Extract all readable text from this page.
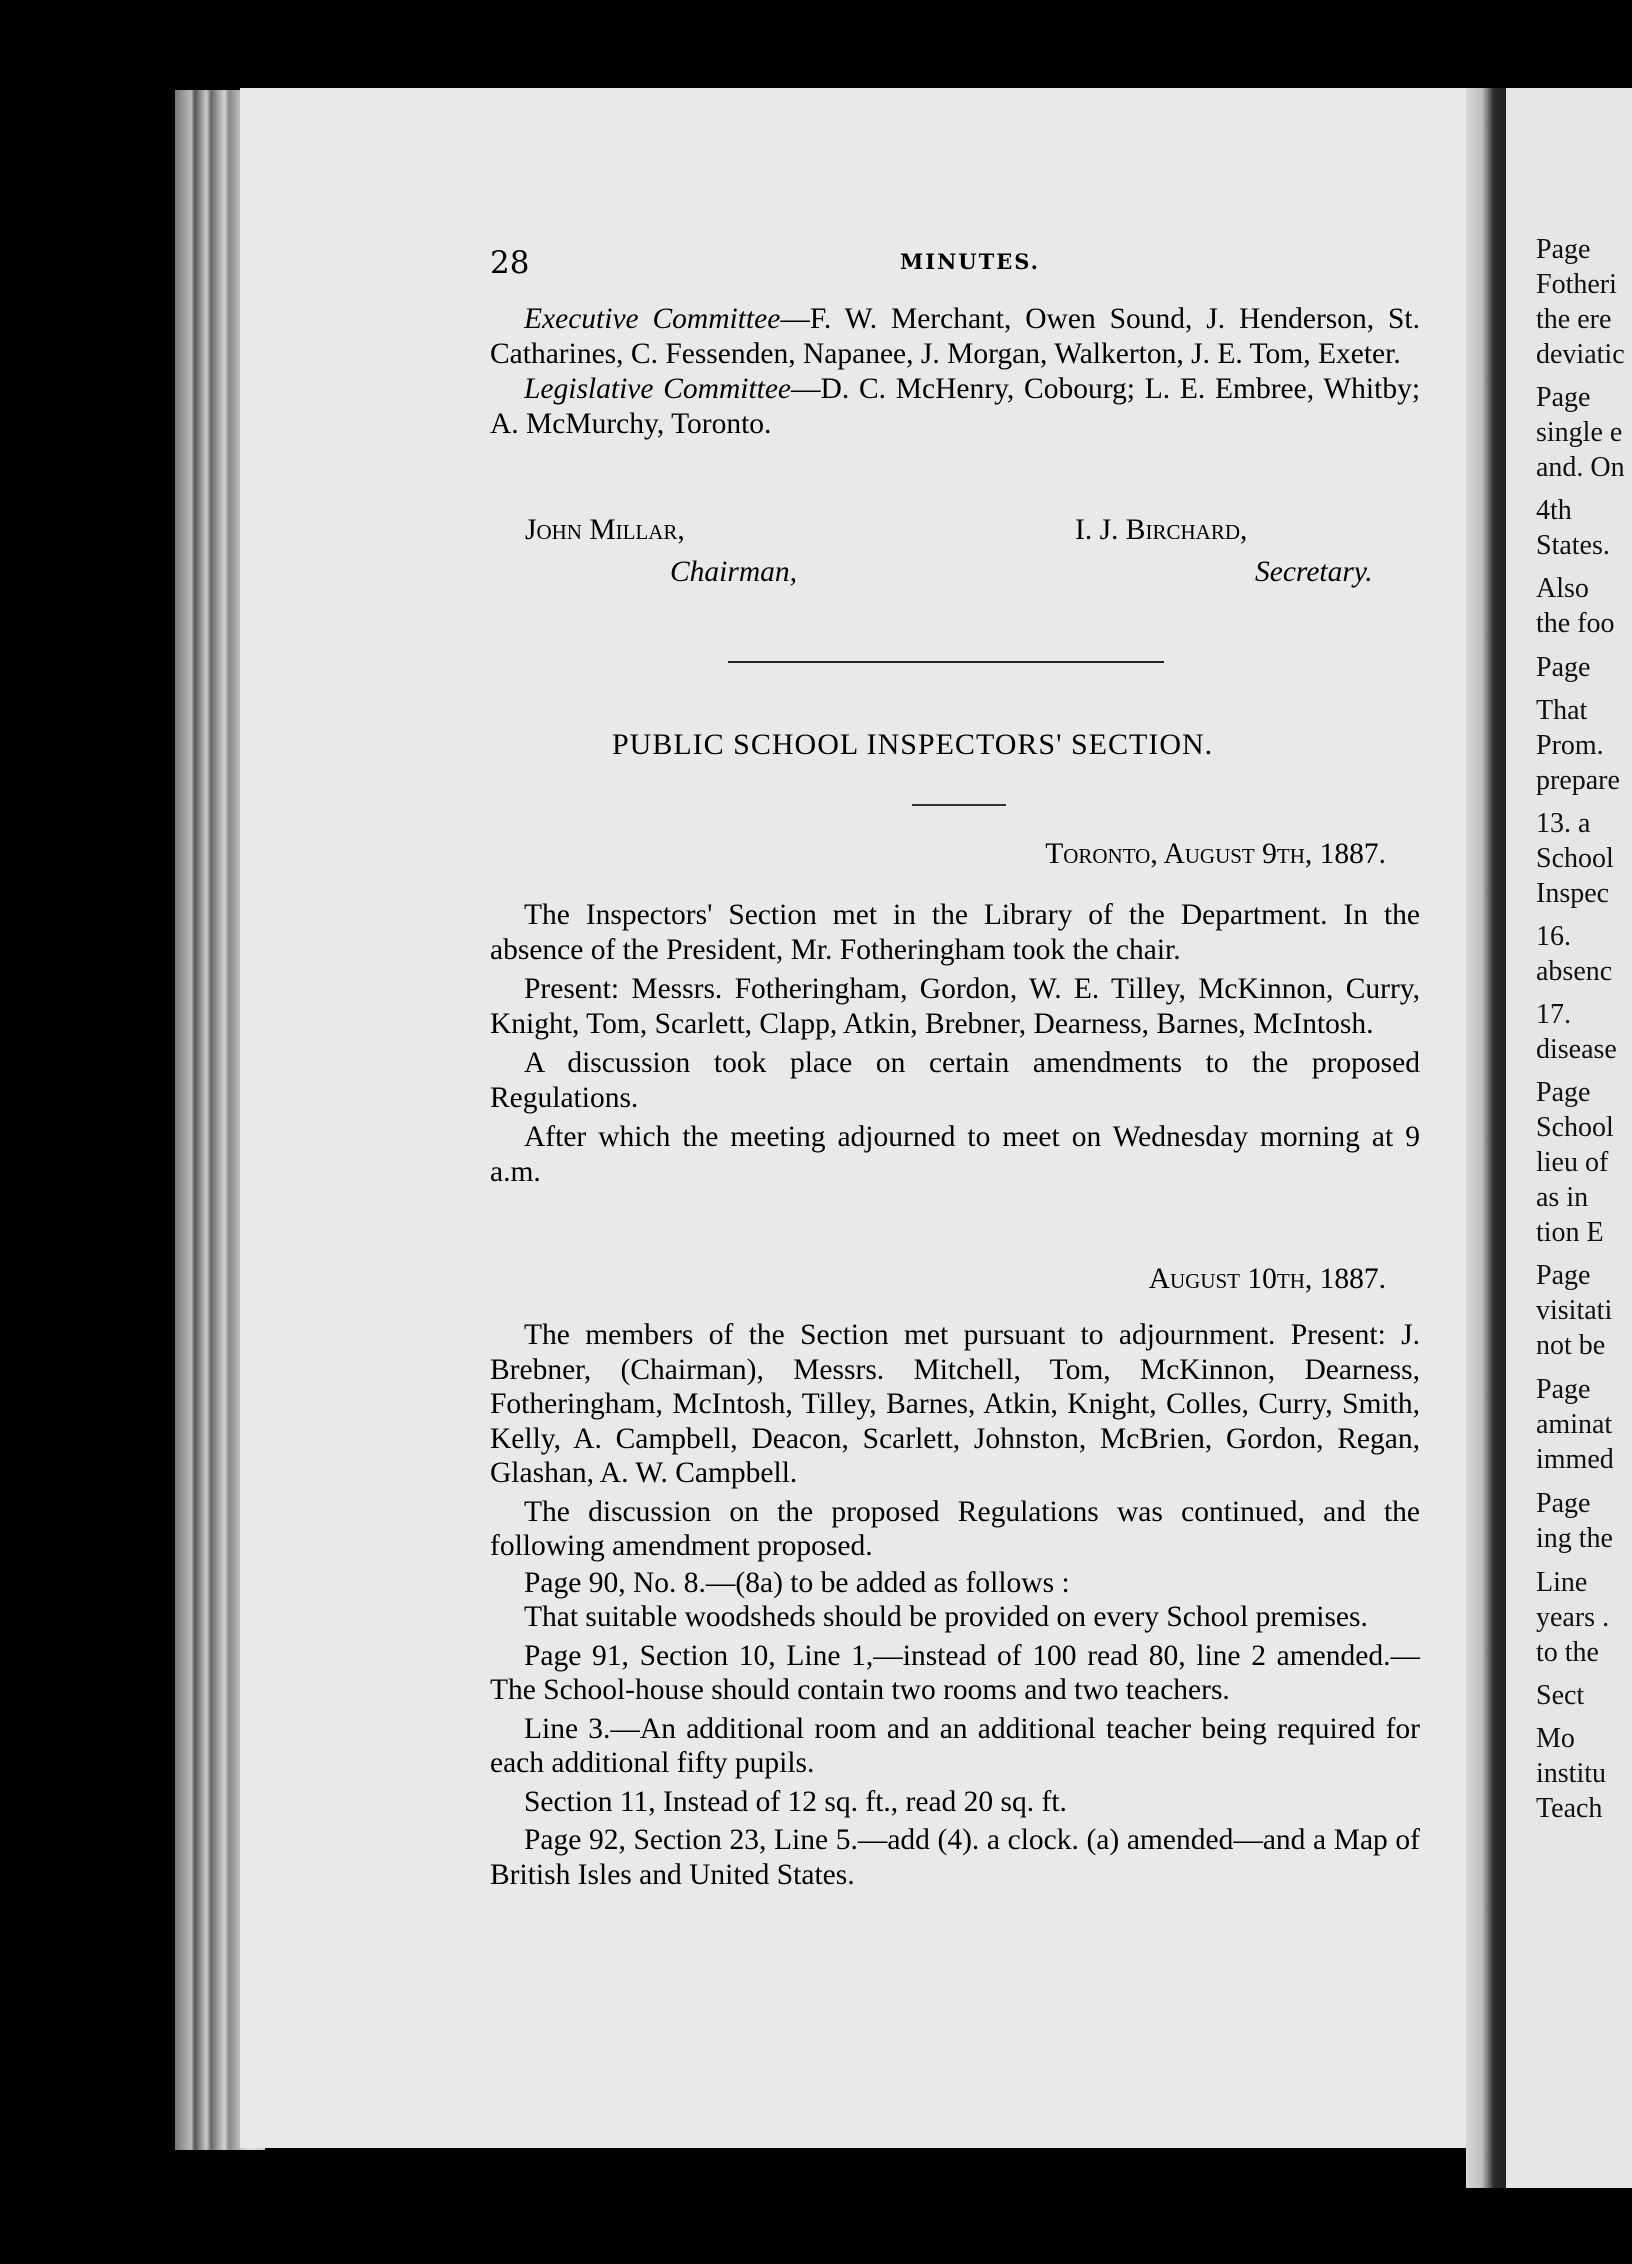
Page
Fotheri
the ere
deviatic
Page
single e
and. On
4th
States.
Also
the foo
Page
That
Prom.
prepare
13. a
School
Inspec
16.
absenc
17.
disease
Page
School
lieu of
as in
tion E
Page
visitati
not be
Page
aminat
immed
Page
ing the
Line
years .
to the
Sect
Mo
institu
Teach
28	MINUTES.
Executive Committee—F. W. Merchant, Owen Sound, J. Henderson, St. Catharines, C. Fessenden, Napanee, J. Morgan, Walkerton, J. E. Tom, Exeter.
Legislative Committee—D. C. McHenry, Cobourg; L. E. Embree, Whitby; A. McMurchy, Toronto.
John Millar,	I. J. Birchard,
Chairman,	Secretary.
PUBLIC SCHOOL INSPECTORS' SECTION.
Toronto, August 9th, 1887.
The Inspectors' Section met in the Library of the Department. In the absence of the President, Mr. Fotheringham took the chair.
Present: Messrs. Fotheringham, Gordon, W. E. Tilley, McKinnon, Curry, Knight, Tom, Scarlett, Clapp, Atkin, Brebner, Dearness, Barnes, McIntosh.
A discussion took place on certain amendments to the proposed Regulations.
After which the meeting adjourned to meet on Wednesday morning at 9 a.m.
August 10th, 1887.
The members of the Section met pursuant to adjournment. Present: J. Brebner, (Chairman), Messrs. Mitchell, Tom, McKinnon, Dearness, Fotheringham, McIntosh, Tilley, Barnes, Atkin, Knight, Colles, Curry, Smith, Kelly, A. Campbell, Deacon, Scarlett, Johnston, McBrien, Gordon, Regan, Glashan, A. W. Campbell.
The discussion on the proposed Regulations was continued, and the following amendment proposed.
Page 90, No. 8.—(8a) to be added as follows :
That suitable woodsheds should be provided on every School premises.
Page 91, Section 10, Line 1,—instead of 100 read 80, line 2 amended.—The School-house should contain two rooms and two teachers.
Line 3.—An additional room and an additional teacher being required for each additional fifty pupils.
Section 11, Instead of 12 sq. ft., read 20 sq. ft.
Page 92, Section 23, Line 5.—add (4). a clock. (a) amended—and a Map of British Isles and United States.
